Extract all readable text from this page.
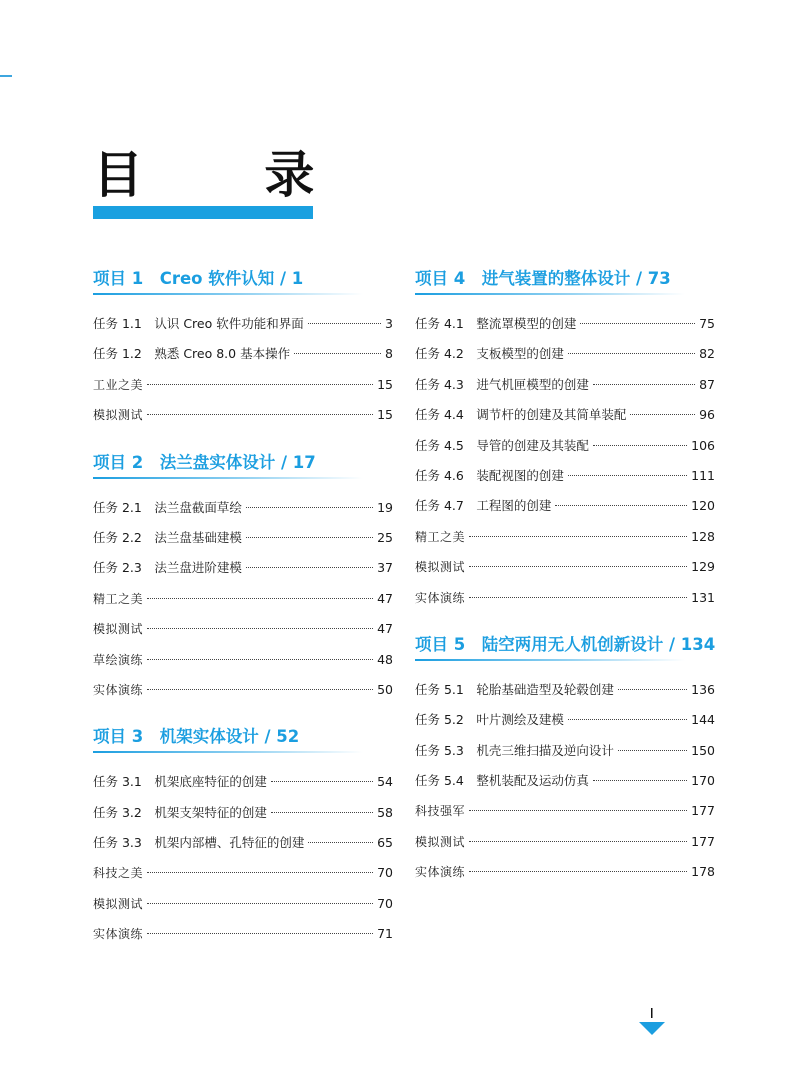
目 录
项目 1　Creo 软件认知 / 1
任务 1.1　认识 Creo 软件功能和界面	3
任务 1.2　熟悉 Creo 8.0 基本操作	8
工业之美	15
模拟测试	15
项目 2　法兰盘实体设计 / 17
任务 2.1　法兰盘截面草绘	19
任务 2.2　法兰盘基础建模	25
任务 2.3　法兰盘进阶建模	37
精工之美	47
模拟测试	47
草绘演练	48
实体演练	50
项目 3　机架实体设计 / 52
任务 3.1　机架底座特征的创建	54
任务 3.2　机架支架特征的创建	58
任务 3.3　机架内部槽、孔特征的创建	65
科技之美	70
模拟测试	70
实体演练	71
项目 4　进气装置的整体设计 / 73
任务 4.1　整流罩模型的创建	75
任务 4.2　支板模型的创建	82
任务 4.3　进气机匣模型的创建	87
任务 4.4　调节杆的创建及其简单装配	96
任务 4.5　导管的创建及其装配	106
任务 4.6　装配视图的创建	111
任务 4.7　工程图的创建	120
精工之美	128
模拟测试	129
实体演练	131
项目 5　陆空两用无人机创新设计 / 134
任务 5.1　轮胎基础造型及轮毂创建	136
任务 5.2　叶片测绘及建模	144
任务 5.3　机壳三维扫描及逆向设计	150
任务 5.4　整机装配及运动仿真	170
科技强军	177
模拟测试	177
实体演练	178
